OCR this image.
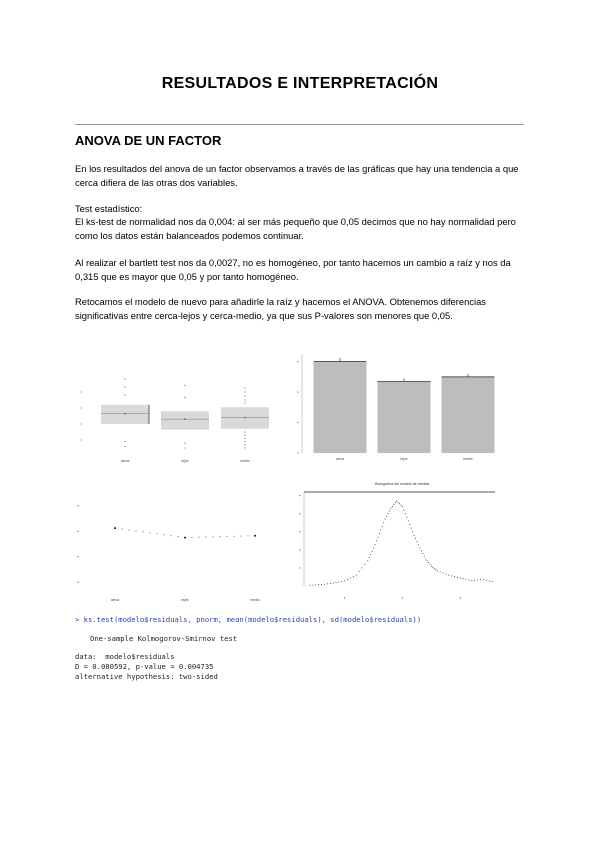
RESULTADOS E INTERPRETACIÓN
ANOVA DE UN FACTOR

En los resultados del anova de un factor observamos a través de las gráficas que hay una tendencia a que cerca difiera de las otras dos variables.

Test estadístico:

El ks-test de normalidad nos da 0,004: al ser más pequeño que 0,05 decimos que no hay normalidad pero como los datos están balanceados podemos continuar.

Al realizar el bartlett test nos da 0,0027, no es homogéneo, por tanto hacemos un cambio a raíz y nos da 0,315 que es mayor que 0,05 y por tanto homogéneo.

Retocamos el modelo de nuevo para añadirle la raíz y hacemos el ANOVA. Obtenemos diferencias significativas entre cerca-lejos y cerca-medio, ya que sus P-valores son menores que 0,05.

cerca	lejos	medio	cerca	lejos	medio
cerca	lejos	medio
Histograma del modelo de medias
> ks.test(modelo$residuals, pnorm, mean(modelo$residuals), sd(modelo$residuals))
One-sample Kolmogorov-Smirnov test
data:  modelo$residuals
D = 0.080592, p-value = 0.004735
alternative hypothesis: two-sided
